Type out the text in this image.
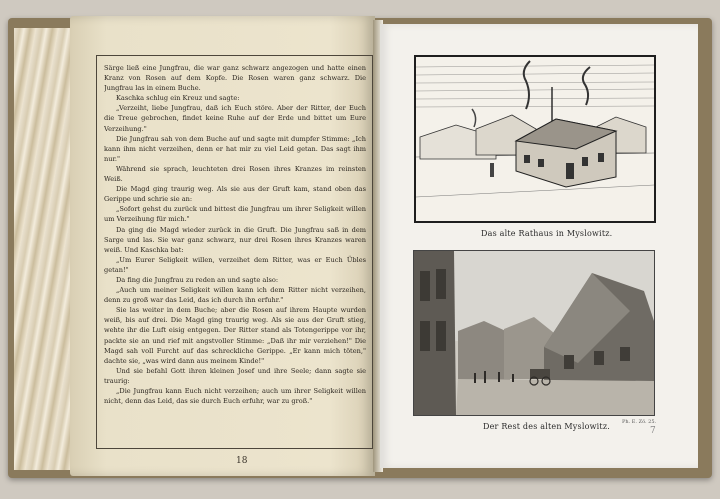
Särge ließ eine Jungfrau, die war ganz schwarz angezogen und hatte einen Kranz von Rosen auf dem Kopfe. Die Rosen waren ganz schwarz. Die Jungfrau las in einem Buche.

Kaschka schlug ein Kreuz und sagte:

„Verzeiht, liebe Jungfrau, daß ich Euch störe. Aber der Ritter, der Euch die Treue gebrochen, findet keine Ruhe auf der Erde und bittet um Eure Verzeihung."

Die Jungfrau sah von dem Buche auf und sagte mit dumpfer Stimme: „Ich kann ihm nicht verzeihen, denn er hat mir zu viel Leid getan. Das sagt ihm nur."

Während sie sprach, leuchteten drei Rosen ihres Kranzes im reinsten Weiß.

Die Magd ging traurig weg. Als sie aus der Gruft kam, stand oben das Gerippe und schrie sie an:

„Sofort gehst du zurück und bittest die Jungfrau um ihrer Seligkeit willen um Verzeihung für mich."

Da ging die Magd wieder zurück in die Gruft. Die Jungfrau saß in dem Sarge und las. Sie war ganz schwarz, nur drei Rosen ihres Kranzes waren weiß. Und Kaschka bat:

„Um Eurer Seligkeit willen, verzeihet dem Ritter, was er Euch Übles getan!"

Da fing die Jungfrau zu reden an und sagte also:

„Auch um meiner Seligkeit willen kann ich dem Ritter nicht verzeihen, denn zu groß war das Leid, das ich durch ihn erfuhr."

Sie las weiter in dem Buche; aber die Rosen auf ihrem Haupte wurden weiß, bis auf drei. Die Magd ging traurig weg. Als sie aus der Gruft stieg, wehte ihr die Luft eisig entgegen. Der Ritter stand als Totengerippe vor ihr, packte sie an und rief mit angstvoller Stimme: „Daß ihr mir verziehen!" Die Magd sah voll Furcht auf das schreckliche Gerippe. „Er kann mich töten," dachte sie, „was wird dann aus meinem Kinde!"

Und sie befahl Gott ihren kleinen Josef und ihre Seele; dann sagte sie traurig:

„Die Jungfrau kann Euch nicht verzeihen; auch um ihrer Seligkeit willen nicht, denn das Leid, das sie durch Euch erfuhr, war zu groß."

18
Das alte Rathaus in Myslowitz.
Ph. E. Zö. 25.
Der Rest des alten Myslowitz.	7
